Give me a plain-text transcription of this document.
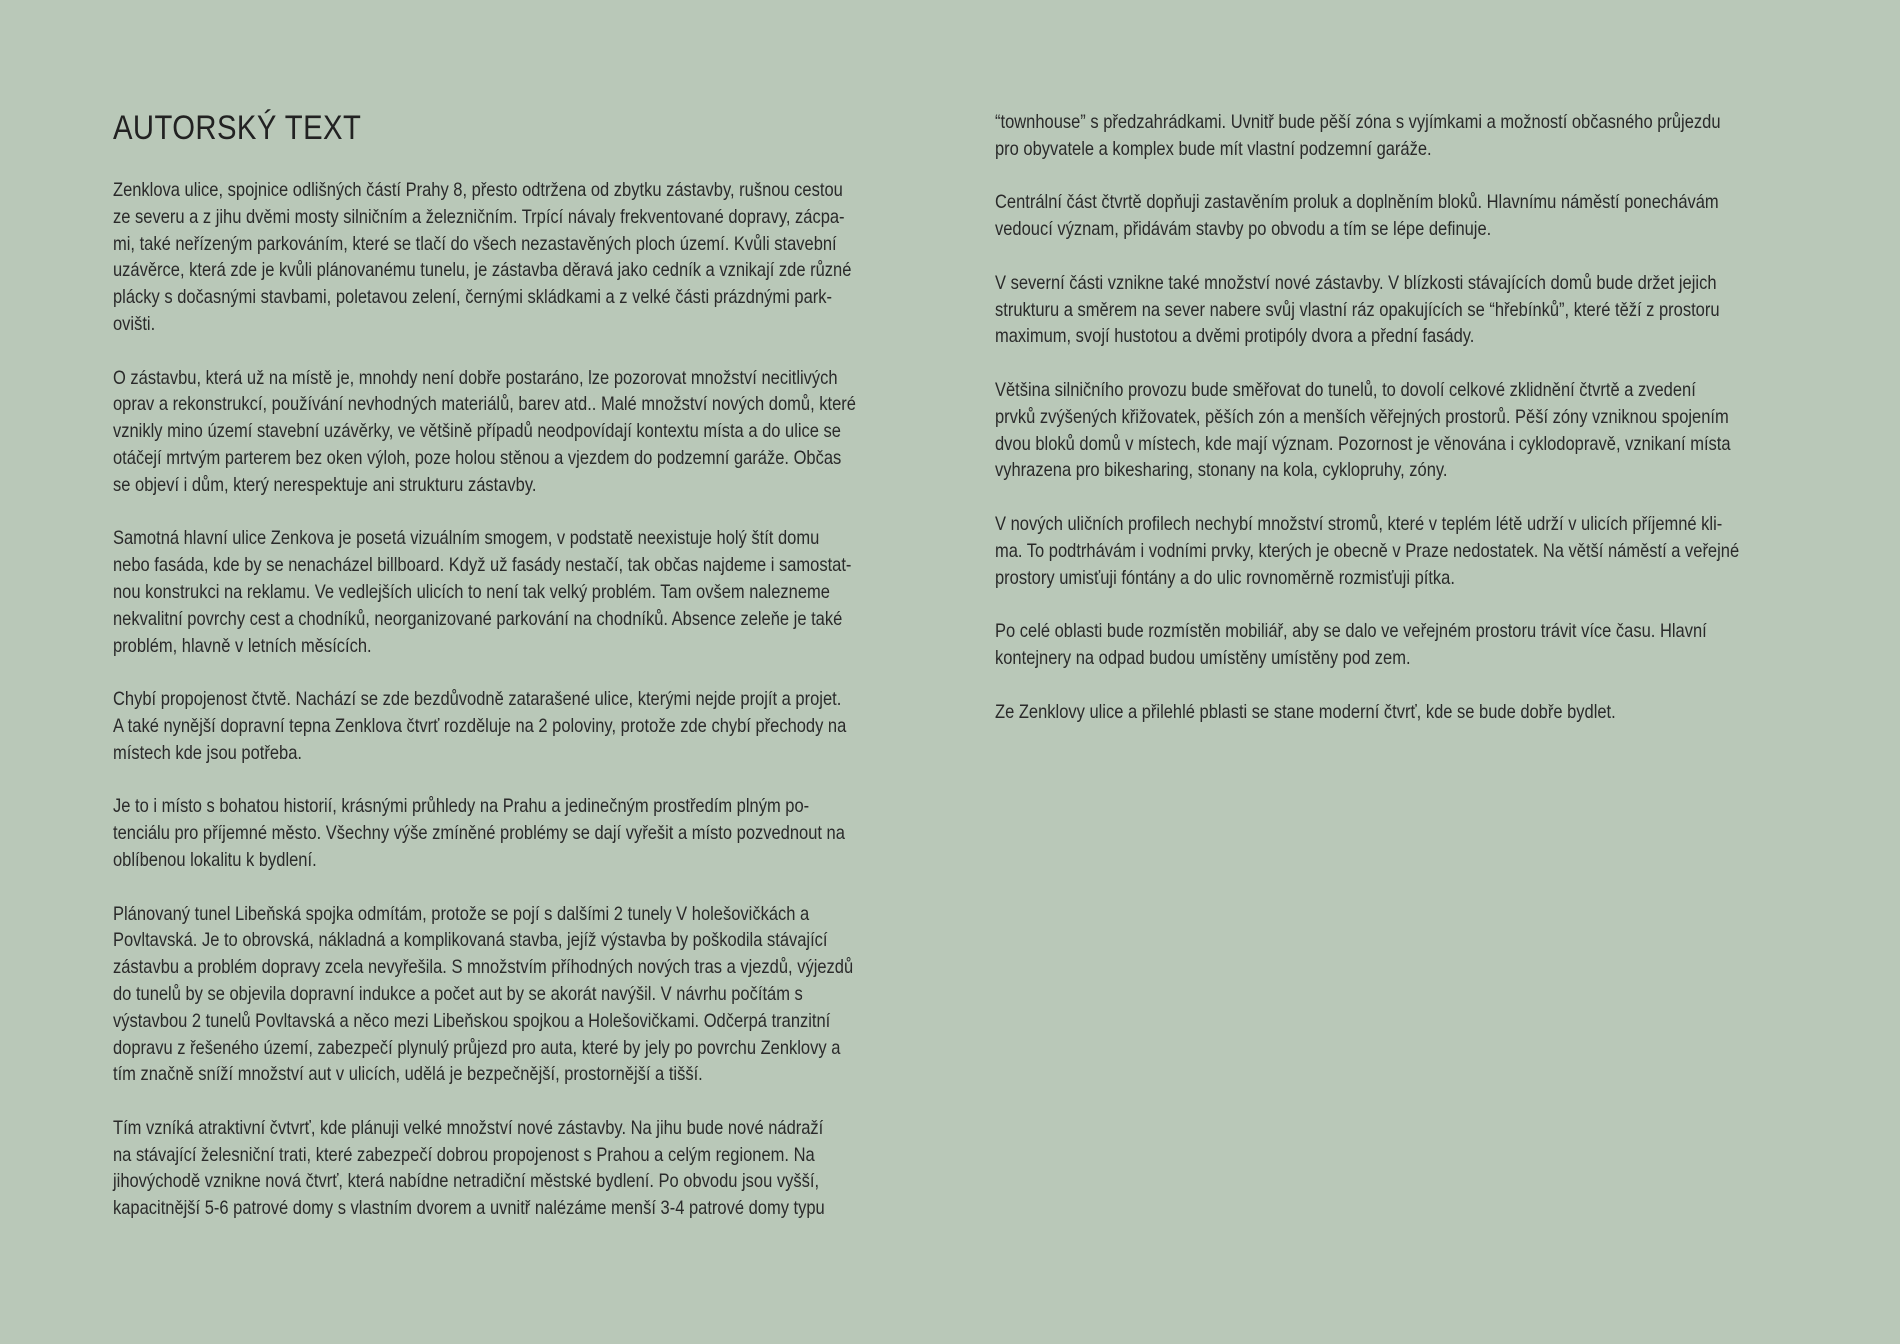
AUTORSKÝ TEXT

Zenklova ulice, spojnice odlišných částí Prahy 8, přesto odtržena od zbytku zástavby, rušnou cestou
ze severu a z jihu dvěmi mosty silničním a železničním. Trpící návaly frekventované dopravy, zácpa-
mi, také neřízeným parkováním, které se tlačí do všech nezastavěných ploch území. Kvůli stavební
uzávěrce, která zde je kvůli plánovanému tunelu, je zástavba děravá jako cedník a vznikají zde různé
plácky s dočasnými stavbami, poletavou zelení, černými skládkami a z velké části prázdnými park-
ovišti.

O zástavbu, která už na místě je, mnohdy není dobře postaráno, lze pozorovat množství necitlivých
oprav a rekonstrukcí, používání nevhodných materiálů, barev atd.. Malé množství nových domů, které
vznikly mino území stavební uzávěrky, ve většině případů neodpovídají kontextu místa a do ulice se
otáčejí mrtvým parterem bez oken výloh, poze holou stěnou a vjezdem do podzemní garáže. Občas
se objeví i dům, který nerespektuje ani strukturu zástavby.

Samotná hlavní ulice Zenkova je posetá vizuálním smogem, v podstatě neexistuje holý štít domu
nebo fasáda, kde by se nenacházel billboard. Když už fasády nestačí, tak občas najdeme i samostat-
nou konstrukci na reklamu. Ve vedlejších ulicích to není tak velký problém. Tam ovšem nalezneme
nekvalitní povrchy cest a chodníků, neorganizované parkování na chodníků. Absence zeleňe je také
problém, hlavně v letních měsících.

Chybí propojenost čtvtě. Nachází se zde bezdůvodně zatarašené ulice, kterými nejde projít a projet.
A také nynější dopravní tepna Zenklova čtvrť rozděluje na 2 poloviny, protože zde chybí přechody na
místech kde jsou potřeba.

Je to i místo s bohatou historií, krásnými průhledy na Prahu a jedinečným prostředím plným po-
tenciálu pro příjemné město. Všechny výše zmíněné problémy se dají vyřešit a místo pozvednout na
oblíbenou lokalitu k bydlení.

Plánovaný tunel Libeňská spojka odmítám, protože se pojí s dalšími 2 tunely V holešovičkách a
Povltavská. Je to obrovská, nákladná a komplikovaná stavba, jejíž výstavba by poškodila stávající
zástavbu a problém dopravy zcela nevyřešila. S množstvím příhodných nových tras a vjezdů, výjezdů
do tunelů by se objevila dopravní indukce a počet aut by se akorát navýšil. V návrhu počítám s
výstavbou 2 tunelů Povltavská a něco mezi Libeňskou spojkou a Holešovičkami. Odčerpá tranzitní
dopravu z řešeného území, zabezpečí plynulý průjezd pro auta, které by jely po povrchu Zenklovy a
tím značně sníží množství aut v ulicích, udělá je bezpečnější, prostornější a tišší.

Tím vzníká atraktivní čvtvrť, kde plánuji velké množství nové zástavby. Na jihu bude nové nádraží
na stávající želesniční trati, které zabezpečí dobrou propojenost s Prahou a celým regionem. Na
jihovýchodě vznikne nová čtvrť, která nabídne netradiční městské bydlení. Po obvodu jsou vyšší,
kapacitnější 5-6 patrové domy s vlastním dvorem a uvnitř nalézáme menší 3-4 patrové domy typu

“townhouse” s předzahrádkami. Uvnitř bude pěší zóna s vyjímkami a možností občasného průjezdu
pro obyvatele a komplex bude mít vlastní podzemní garáže.

Centrální část čtvrtě dopňuji zastavěním proluk a doplněním bloků. Hlavnímu náměstí ponechávám
vedoucí význam, přidávám stavby po obvodu a tím se lépe definuje.

V severní části vznikne také množství nové zástavby. V blízkosti stávajících domů bude držet jejich
strukturu a směrem na sever nabere svůj vlastní ráz opakujících se “hřebínků”, které těží z prostoru
maximum, svojí hustotou a dvěmi protipóly dvora a přední fasády.

Většina silničního provozu bude směřovat do tunelů, to dovolí celkové zklidnění čtvrtě a zvedení
prvků zvýšených křižovatek, pěších zón a menších věřejných prostorů. Pěší zóny vzniknou spojením
dvou bloků domů v místech, kde mají význam. Pozornost je věnována i cyklodopravě, vznikaní místa
vyhrazena pro bikesharing, stonany na kola, cyklopruhy, zóny.

V nových uličních profilech nechybí množství stromů, které v teplém létě udrží v ulicích příjemné kli-
ma. To podtrhávám i vodními prvky, kterých je obecně v Praze nedostatek. Na větší náměstí a veřejné
prostory umisťuji fóntány a do ulic rovnoměrně rozmisťuji pítka.

Po celé oblasti bude rozmístěn mobiliář, aby se dalo ve veřejném prostoru trávit více času. Hlavní
kontejnery na odpad budou umístěny umístěny pod zem.

Ze Zenklovy ulice a přilehlé pblasti se stane moderní čtvrť, kde se bude dobře bydlet.
